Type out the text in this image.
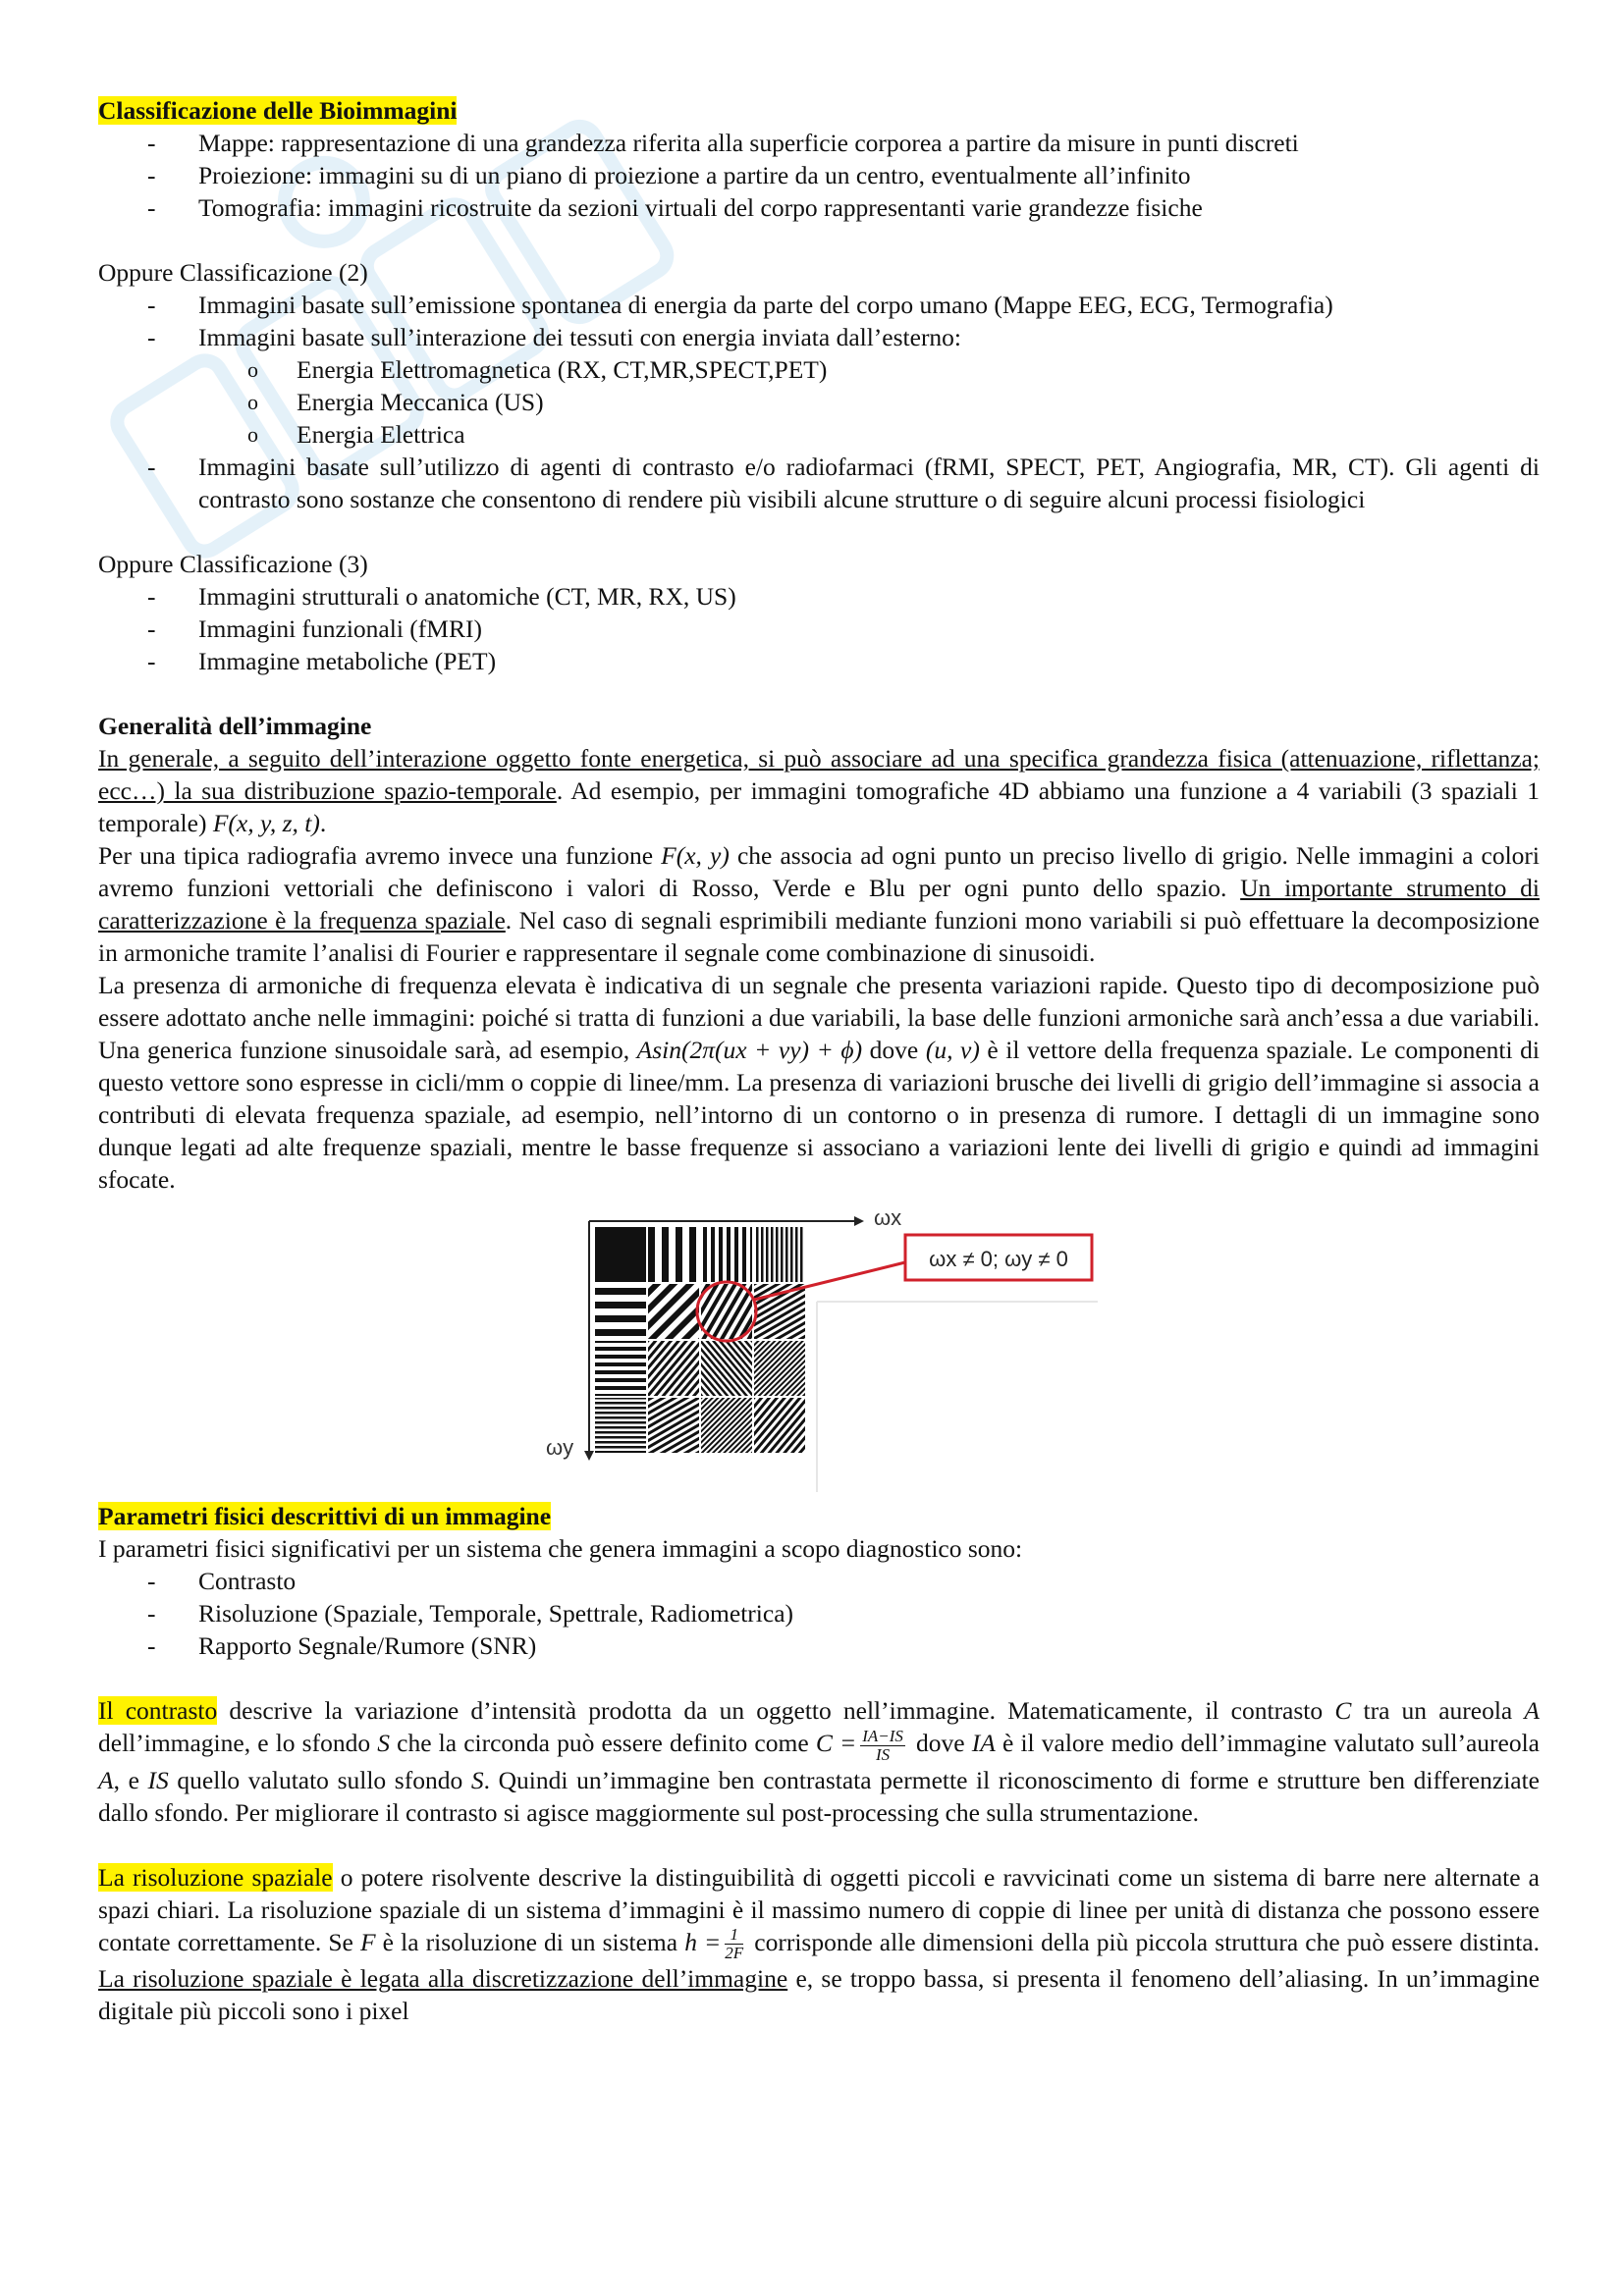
Classificazione delle Bioimmagini
- Mappe: rappresentazione di una grandezza riferita alla superficie corporea a partire da misure in punti discreti
- Proiezione: immagini su di un piano di proiezione a partire da un centro, eventualmente all’infinito
- Tomografia: immagini ricostruite da sezioni virtuali del corpo rappresentanti varie grandezze fisiche
Oppure Classificazione (2)
- Immagini basate sull’emissione spontanea di energia da parte del corpo umano (Mappe EEG, ECG, Termografia)
- Immagini basate sull’interazione dei tessuti con energia inviata dall’esterno:
o Energia Elettromagnetica (RX, CT,MR,SPECT,PET)
o Energia Meccanica (US)
o Energia Elettrica
- Immagini basate sull’utilizzo di agenti di contrasto e/o radiofarmaci (fRMI, SPECT, PET, Angiografia, MR, CT). Gli agenti di contrasto sono sostanze che consentono di rendere più visibili alcune strutture o di seguire alcuni processi fisiologici
Oppure Classificazione (3)
- Immagini strutturali o anatomiche (CT, MR, RX, US)
- Immagini funzionali (fMRI)
- Immagine metaboliche (PET)
Generalità dell’immagine

In generale, a seguito dell’interazione oggetto fonte energetica, si può associare ad una specifica grandezza fisica (attenuazione, riflettanza; ecc…) la sua distribuzione spazio-temporale. Ad esempio, per immagini tomografiche 4D abbiamo una funzione a 4 variabili (3 spaziali 1 temporale) F(x, y, z, t).

Per una tipica radiografia avremo invece una funzione F(x, y) che associa ad ogni punto un preciso livello di grigio. Nelle immagini a colori avremo funzioni vettoriali che definiscono i valori di Rosso, Verde e Blu per ogni punto dello spazio. Un importante strumento di caratterizzazione è la frequenza spaziale. Nel caso di segnali esprimibili mediante funzioni mono variabili si può effettuare la decomposizione in armoniche tramite l’analisi di Fourier e rappresentare il segnale come combinazione di sinusoidi.

La presenza di armoniche di frequenza elevata è indicativa di un segnale che presenta variazioni rapide. Questo tipo di decomposizione può essere adottato anche nelle immagini: poiché si tratta di funzioni a due variabili, la base delle funzioni armoniche sarà anch’essa a due variabili. Una generica funzione sinusoidale sarà, ad esempio, Asin(2π(ux + vy) + ϕ) dove (u, v) è il vettore della frequenza spaziale. Le componenti di questo vettore sono espresse in cicli/mm o coppie di linee/mm. La presenza di variazioni brusche dei livelli di grigio dell’immagine si associa a contributi di elevata frequenza spaziale, ad esempio, nell’intorno di un contorno o in presenza di rumore. I dettagli di un immagine sono dunque legati ad alte frequenze spaziali, mentre le basse frequenze si associano a variazioni lente dei livelli di grigio e quindi ad immagini sfocate.

ωx ≠ 0; ωy ≠ 0
ωx
ωy
Parametri fisici descrittivi di un immagine
I parametri fisici significativi per un sistema che genera immagini a scopo diagnostico sono:
- Contrasto
- Risoluzione (Spaziale, Temporale, Spettrale, Radiometrica)
- Rapporto Segnale/Rumore (SNR)

Il contrasto descrive la variazione d’intensità prodotta da un oggetto nell’immagine. Matematicamente, il contrasto C tra un aureola A dell’immagine, e lo sfondo S che la circonda può essere definito come $C = \frac{IA-IS}{IS}$ dove IA è il valore medio dell’immagine valutato sull’aureola A, e IS quello valutato sullo sfondo S. Quindi un’immagine ben contrastata permette il riconoscimento di forme e strutture ben differenziate dallo sfondo. Per migliorare il contrasto si agisce maggiormente sul post-processing che sulla strumentazione.

La risoluzione spaziale o potere risolvente descrive la distinguibilità di oggetti piccoli e ravvicinati come un sistema di barre nere alternate a spazi chiari. La risoluzione spaziale di un sistema d’immagini è il massimo numero di coppie di linee per unità di distanza che possono essere contate correttamente. Se F è la risoluzione di un sistema $h = \frac{1}{2F}$ corrisponde alle dimensioni della più piccola struttura che può essere distinta. La risoluzione spaziale è legata alla discretizzazione dell’immagine e, se troppo bassa, si presenta il fenomeno dell’aliasing. In un’immagine digitale più piccoli sono i pixel
